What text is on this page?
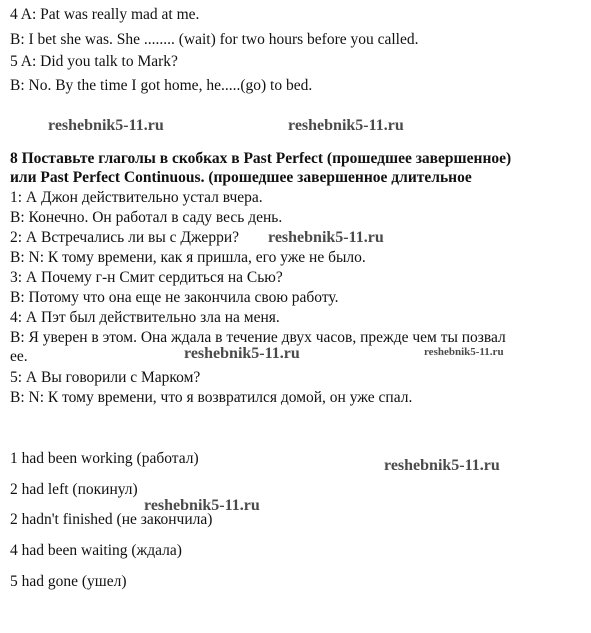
4 A: Pat was really mad at me.
B: I bet she was. She ........ (wait) for two hours before you called.
5 A: Did you talk to Mark?
B: No. By the time I got home, he.....(go) to bed.
reshebnik5-11.ru	reshebnik5-11.ru
8 Поставьте глаголы в скобках в Past Perfect (прошедшее завершенное)
или Past Perfect Continuous. (прошедшее завершенное длительное
1: А Джон действительно устал вчера.
B: Конечно. Он работал в саду весь день.
2: А Встречались ли вы с Джерри? reshebnik5-11.ru
B: N: К тому времени, как я пришла, его уже не было.
3: А Почему г-н Смит сердиться на Сью?
B: Потому что она еще не закончила свою работу.
4: А Пэт был действительно зла на меня.
B: Я уверен в этом. Она ждала в течение двух часов, прежде чем ты позвал
ее.	reshebnik5-11.ru	reshebnik5-11.ru
5: А Вы говорили с Марком?
B: N: К тому времени, что я возвратился домой, он уже спал.
1 had been working (работал)	reshebnik5-11.ru
2 had left (покинул)
reshebnik5-11.ru
2 hadn't finished (не закончила)
4 had been waiting (ждала)
5 had gone (ушел)
